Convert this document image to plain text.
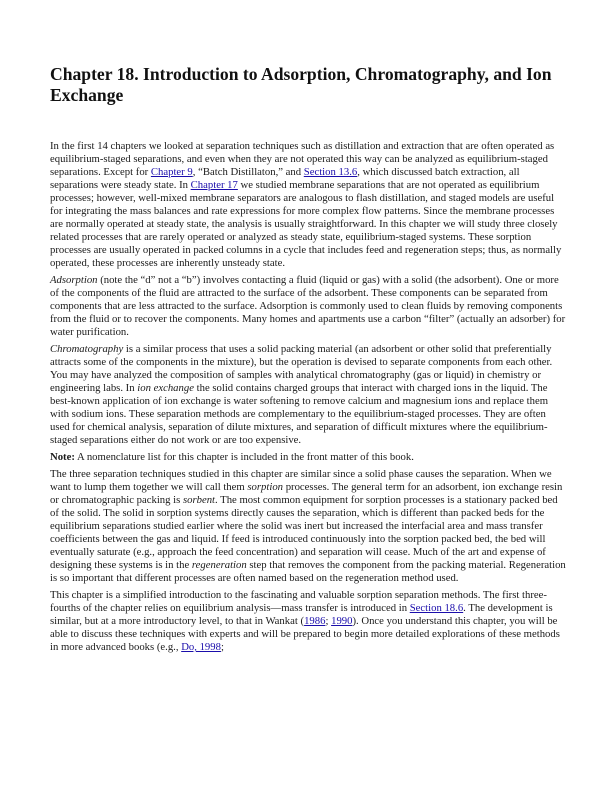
Chapter 18. Introduction to Adsorption, Chromatography, and Ion Exchange

In the first 14 chapters we looked at separation techniques such as distillation and extraction that are often operated as equilibrium-staged separations, and even when they are not operated this way can be analyzed as equilibrium-staged separations. Except for Chapter 9, “Batch Distillaton,” and Section 13.6, which discussed batch extraction, all separations were steady state. In Chapter 17 we studied membrane separations that are not operated as equilibrium processes; however, well-mixed membrane separators are analogous to flash distillation, and staged models are useful for integrating the mass balances and rate expressions for more complex flow patterns. Since the membrane processes are normally operated at steady state, the analysis is usually straightforward. In this chapter we will study three closely related processes that are rarely operated or analyzed as steady state, equilibrium-staged systems. These sorption processes are usually operated in packed columns in a cycle that includes feed and regeneration steps; thus, as normally operated, these processes are inherently unsteady state.

Adsorption (note the “d” not a “b”) involves contacting a fluid (liquid or gas) with a solid (the adsorbent). One or more of the components of the fluid are attracted to the surface of the adsorbent. These components can be separated from components that are less attracted to the surface. Adsorption is commonly used to clean fluids by removing components from the fluid or to recover the components. Many homes and apartments use a carbon “filter” (actually an adsorber) for water purification.

Chromatography is a similar process that uses a solid packing material (an adsorbent or other solid that preferentially attracts some of the components in the mixture), but the operation is devised to separate components from each other. You may have analyzed the composition of samples with analytical chromatography (gas or liquid) in chemistry or engineering labs. In ion exchange the solid contains charged groups that interact with charged ions in the liquid. The best-known application of ion exchange is water softening to remove calcium and magnesium ions and replace them with sodium ions. These separation methods are complementary to the equilibrium-staged processes. They are often used for chemical analysis, separation of dilute mixtures, and separation of difficult mixtures where the equilibrium-staged separations either do not work or are too expensive.

Note: A nomenclature list for this chapter is included in the front matter of this book.

The three separation techniques studied in this chapter are similar since a solid phase causes the separation. When we want to lump them together we will call them sorption processes. The general term for an adsorbent, ion exchange resin or chromatographic packing is sorbent. The most common equipment for sorption processes is a stationary packed bed of the solid. The solid in sorption systems directly causes the separation, which is different than packed beds for the equilibrium separations studied earlier where the solid was inert but increased the interfacial area and mass transfer coefficients between the gas and liquid. If feed is introduced continuously into the sorption packed bed, the bed will eventually saturate (e.g., approach the feed concentration) and separation will cease. Much of the art and expense of designing these systems is in the regeneration step that removes the component from the packing material. Regeneration is so important that different processes are often named based on the regeneration method used.

This chapter is a simplified introduction to the fascinating and valuable sorption separation methods. The first three-fourths of the chapter relies on equilibrium analysis—mass transfer is introduced in Section 18.6. The development is similar, but at a more introductory level, to that in Wankat (1986; 1990). Once you understand this chapter, you will be able to discuss these techniques with experts and will be prepared to begin more detailed explorations of these methods in more advanced books (e.g., Do, 1998;
